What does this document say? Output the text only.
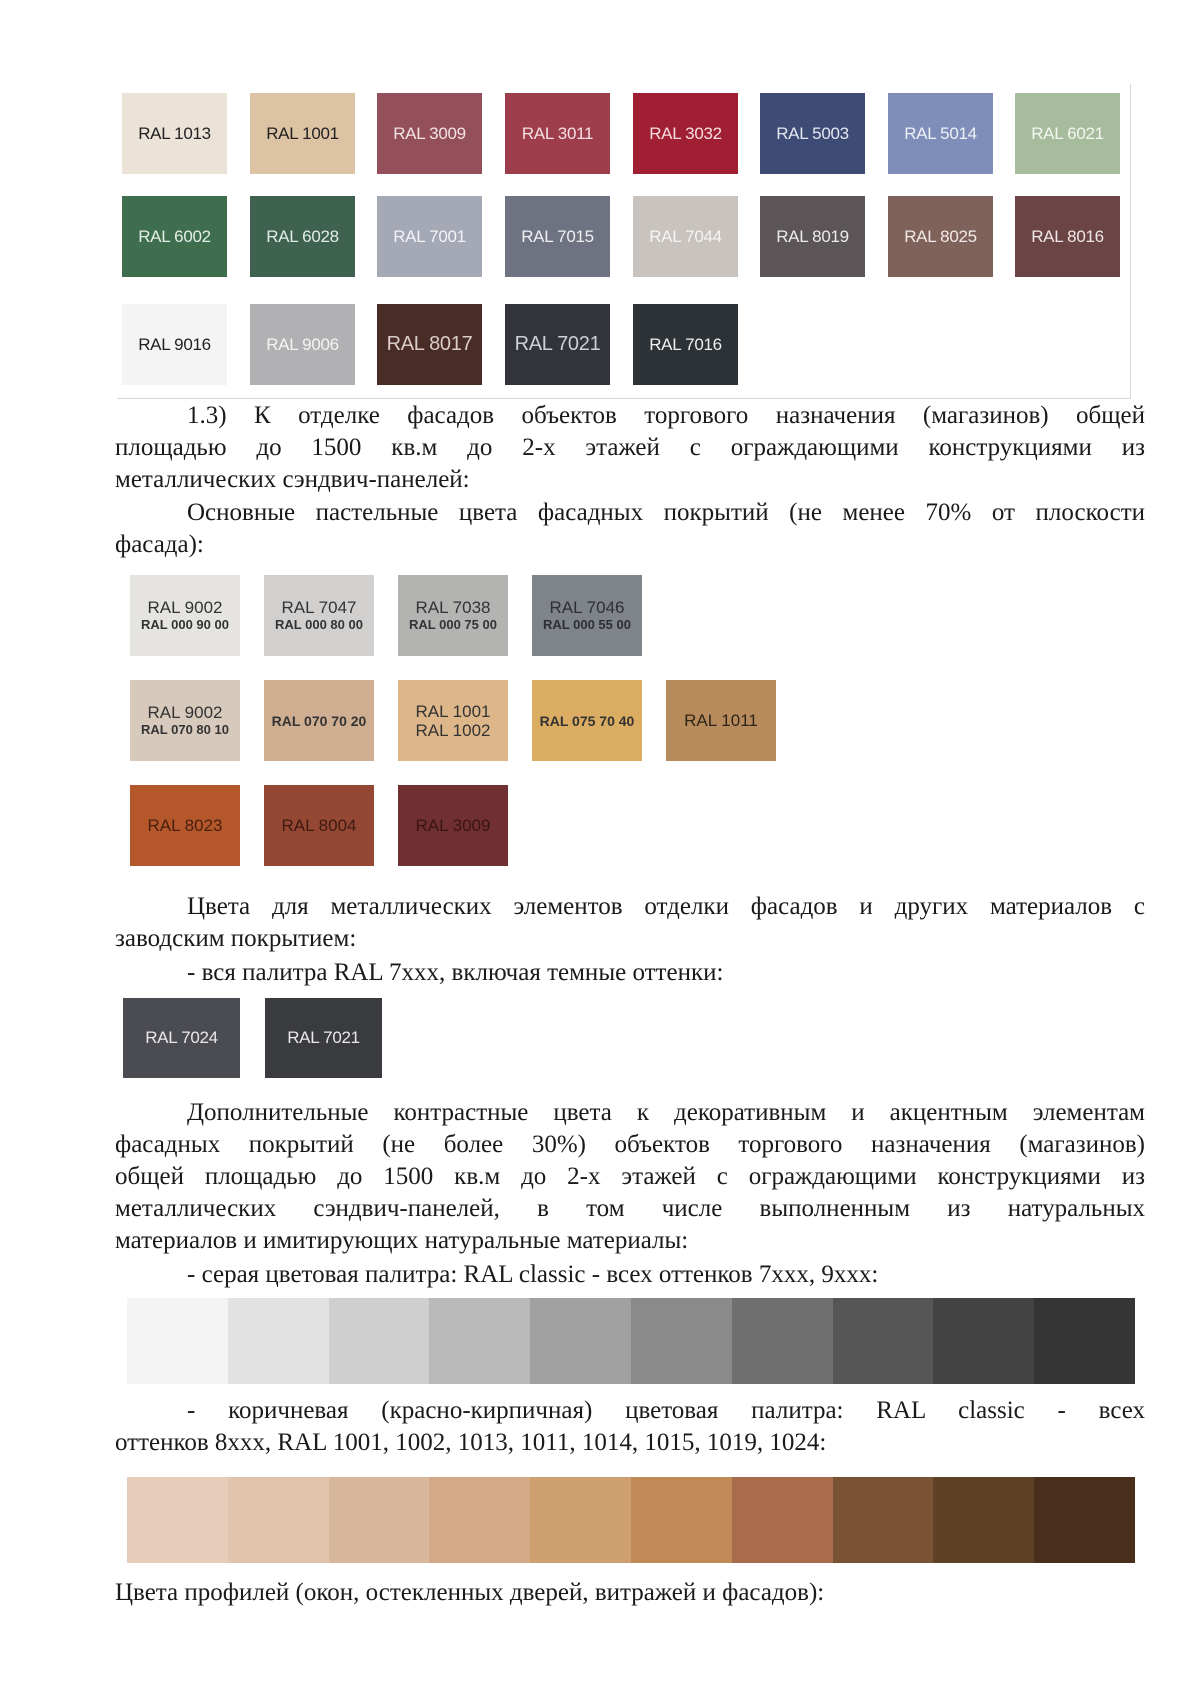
RAL 1013	RAL 1001	RAL 3009	RAL 3011	RAL 3032	RAL 5003	RAL 5014	RAL 6021
RAL 6002	RAL 6028	RAL 7001	RAL 7015	RAL 7044	RAL 8019	RAL 8025	RAL 8016
RAL 9016	RAL 9006	RAL 8017	RAL 7021	RAL 7016

1.3) К отделке фасадов объектов торгового назначения (магазинов) общей
площадью до 1500 кв.м до 2-х этажей с ограждающими конструкциями из

металлических сэндвич-панелей:

Основные пастельные цвета фасадных покрытий (не менее 70% от плоскости

фасада):

RAL 9002
RAL 000 90 00
RAL 7047
RAL 000 80 00
RAL 7038
RAL 000 75 00
RAL 7046
RAL 000 55 00
RAL 9002
RAL 070 80 10
RAL 070 70 20	RAL 1001
RAL 1002	RAL 075 70 40	RAL 1011
RAL 8023	RAL 8004	RAL 3009

Цвета для металлических элементов отделки фасадов и других материалов с

заводским покрытием:

- вся палитра RAL 7xxx, включая темные оттенки:

RAL 7024	RAL 7021

Дополнительные контрастные цвета к декоративным и акцентным элементам
фасадных покрытий (не более 30%) объектов торгового назначения (магазинов)
общей площадью до 1500 кв.м до 2-х этажей с ограждающими конструкциями из
металлических сэндвич-панелей, в том числе выполненным из натуральных

материалов и имитирующих натуральные материалы:

- серая цветовая палитра: RAL classic - всех оттенков 7xxx, 9xxx:

- коричневая (красно-кирпичная) цветовая палитра: RAL classic - всех

оттенков 8xxx, RAL 1001, 1002, 1013, 1011, 1014, 1015, 1019, 1024:

Цвета профилей (окон, остекленных дверей, витражей и фасадов):
